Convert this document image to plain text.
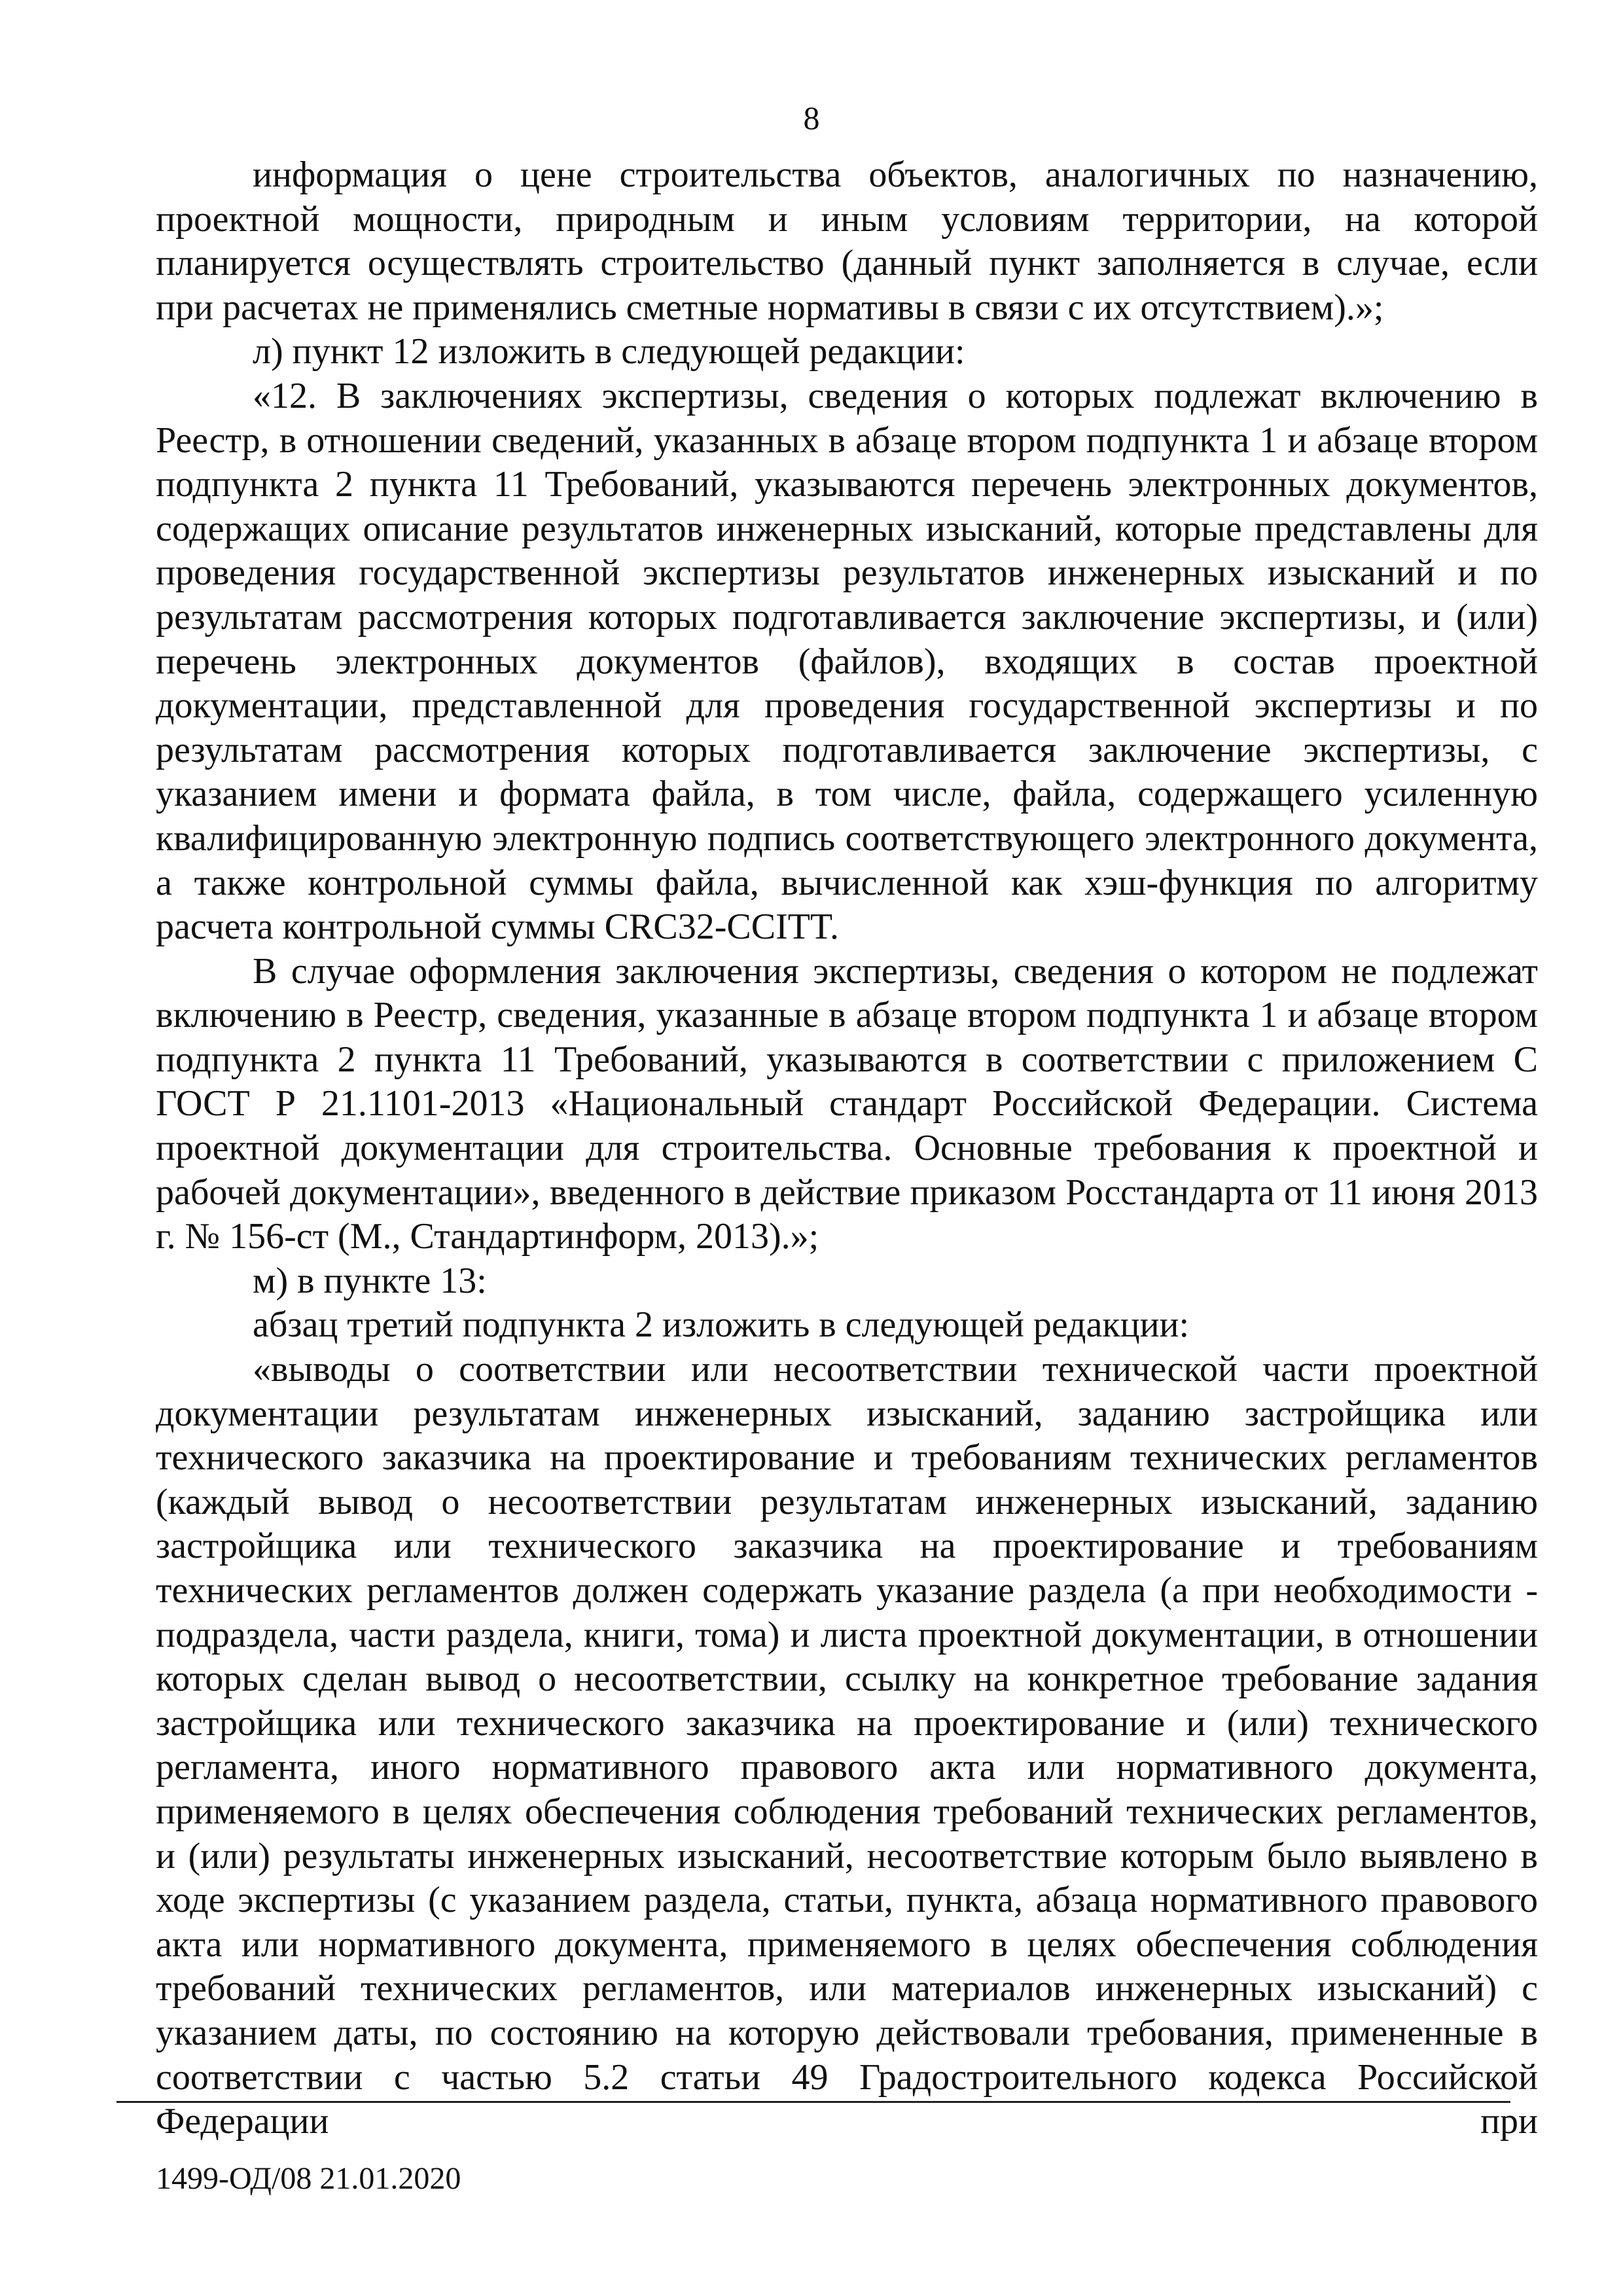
8

информация о цене строительства объектов, аналогичных по назначению, проектной мощности, природным и иным условиям территории, на которой планируется осуществлять строительство (данный пункт заполняется в случае, если при расчетах не применялись сметные нормативы в связи с их отсутствием).»;

л) пункт 12 изложить в следующей редакции:

«12. В заключениях экспертизы, сведения о которых подлежат включению в Реестр, в отношении сведений, указанных в абзаце втором подпункта 1 и абзаце втором подпункта 2 пункта 11 Требований, указываются перечень электронных документов, содержащих описание результатов инженерных изысканий, которые представлены для проведения государственной экспертизы результатов инженерных изысканий и по результатам рассмотрения которых подготавливается заключение экспертизы, и (или) перечень электронных документов (файлов), входящих в состав проектной документации, представленной для проведения государственной экспертизы и по результатам рассмотрения которых подготавливается заключение экспертизы, с указанием имени и формата файла, в том числе, файла, содержащего усиленную квалифицированную электронную подпись соответствующего электронного документа, а также контрольной суммы файла, вычисленной как хэш-функция по алгоритму расчета контрольной суммы CRC32-CCITT.

В случае оформления заключения экспертизы, сведения о котором не подлежат включению в Реестр, сведения, указанные в абзаце втором подпункта 1 и абзаце втором подпункта 2 пункта 11 Требований, указываются в соответствии с приложением С ГОСТ Р 21.1101-2013 «Национальный стандарт Российской Федерации. Система проектной документации для строительства. Основные требования к проектной и рабочей документации», введенного в действие приказом Росстандарта от 11 июня 2013 г. № 156-ст (М., Стандартинформ, 2013).»;

м) в пункте 13:

абзац третий подпункта 2 изложить в следующей редакции:

«выводы о соответствии или несоответствии технической части проектной документации результатам инженерных изысканий, заданию застройщика или технического заказчика на проектирование и требованиям технических регламентов (каждый вывод о несоответствии результатам инженерных изысканий, заданию застройщика или технического заказчика на проектирование и требованиям технических регламентов должен содержать указание раздела (а при необходимости - подраздела, части раздела, книги, тома) и листа проектной документации, в отношении которых сделан вывод о несоответствии, ссылку на конкретное требование задания застройщика или технического заказчика на проектирование и (или) технического регламента, иного нормативного правового акта или нормативного документа, применяемого в целях обеспечения соблюдения требований технических регламентов, и (или) результаты инженерных изысканий, несоответствие которым было выявлено в ходе экспертизы (с указанием раздела, статьи, пункта, абзаца нормативного правового акта или нормативного документа, применяемого в целях обеспечения соблюдения требований технических регламентов, или материалов инженерных изысканий) с указанием даты, по состоянию на которую действовали требования, примененные в соответствии с частью 5.2 статьи 49 Градостроительного кодекса Российской Федерации при

1499-ОД/08 21.01.2020
